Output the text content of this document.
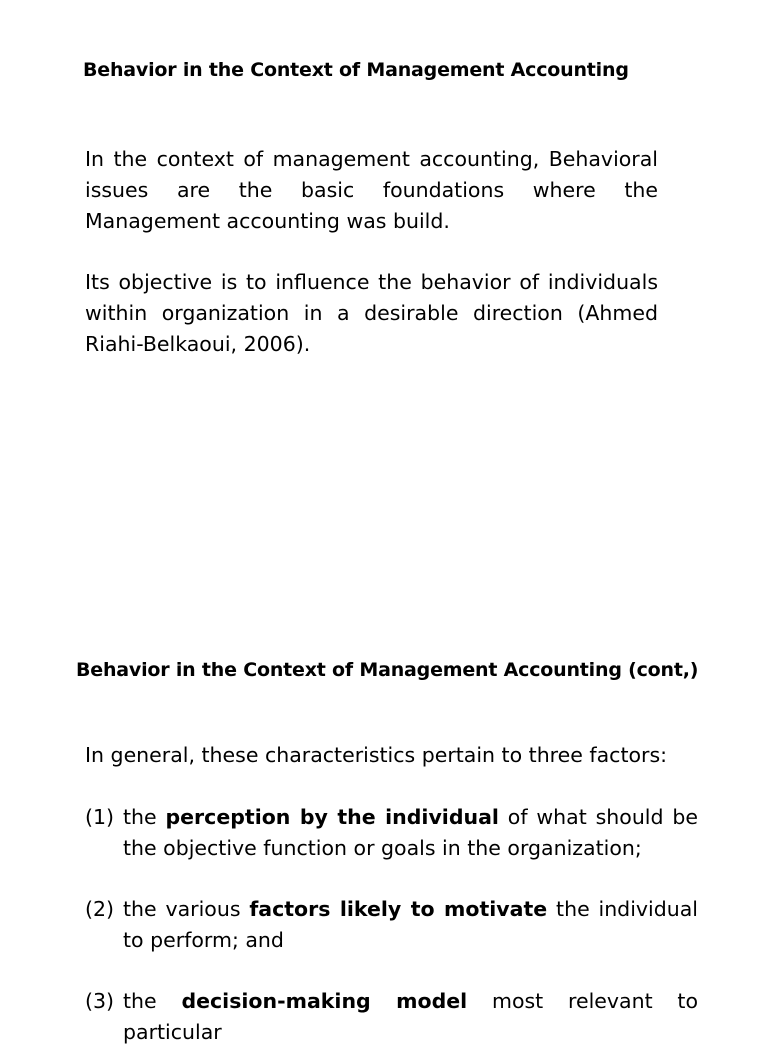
Behavior in the Context of Management Accounting

In the context of management accounting, Behavioral issues are the basic foundations where the Management accounting was build.

Its objective is to influence the behavior of individuals within organization in a desirable direction (Ahmed Riahi-Belkaoui, 2006).

Behavior in the Context of Management Accounting (cont,)
In general, these characteristics pertain to three factors:
(1) the perception by the individual of what should be the objective function or goals in the organization;
(2) the various factors likely to motivate the individual to perform; and
(3) the decision-making model most relevant to particular
